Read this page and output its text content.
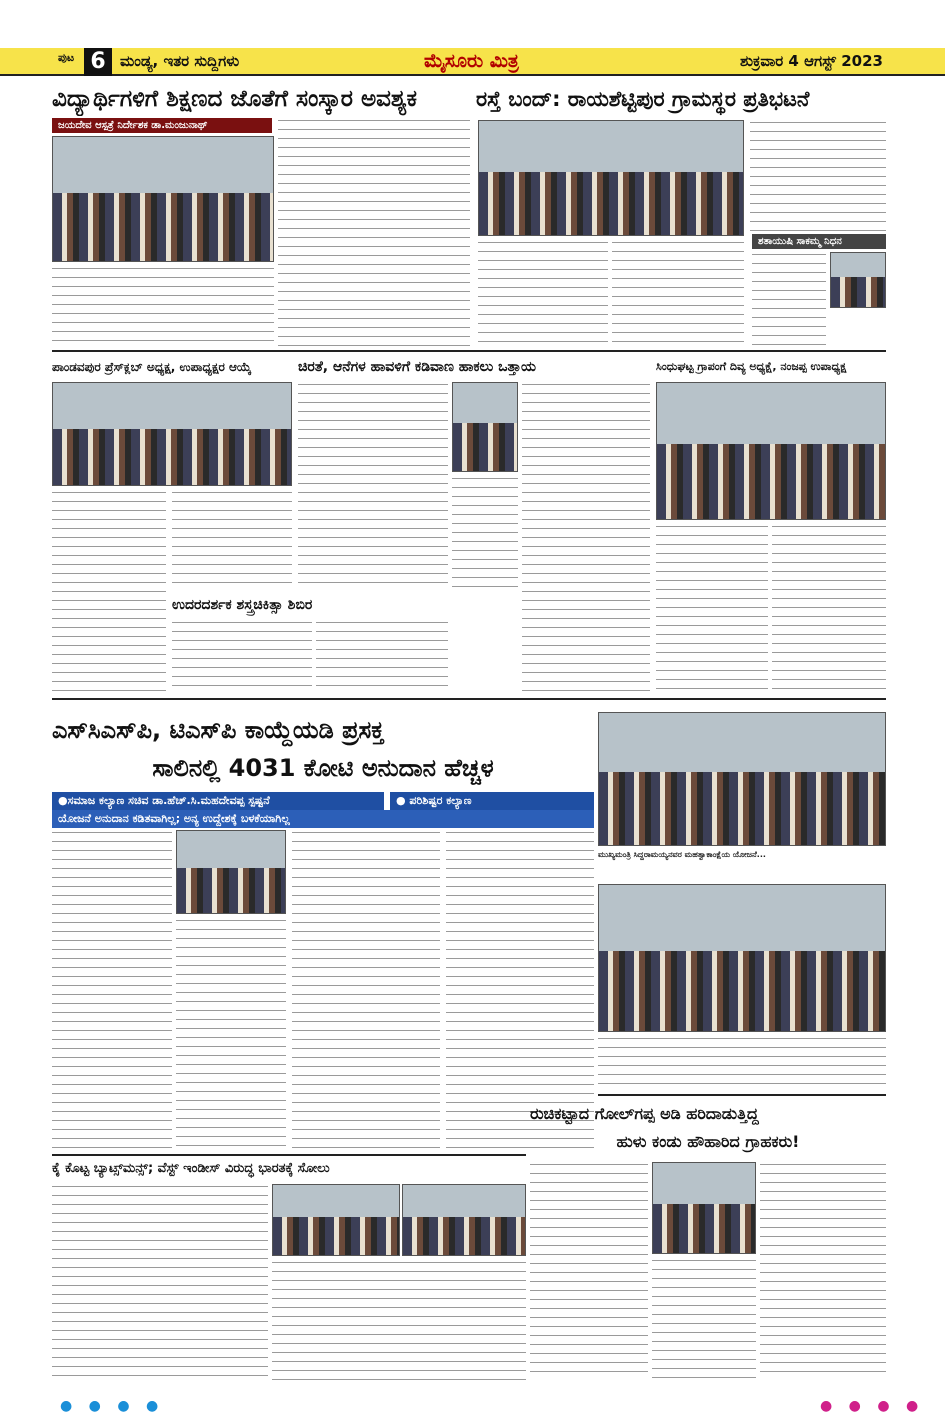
ಪುಟ 6 ಮಂಡ್ಯ, ಇತರ ಸುದ್ದಿಗಳು	ಮೈಸೂರು ಮಿತ್ರ	ಶುಕ್ರವಾರ 4 ಆಗಸ್ಟ್ 2023
ವಿದ್ಯಾರ್ಥಿಗಳಿಗೆ ಶಿಕ್ಷಣದ ಜೊತೆಗೆ ಸಂಸ್ಕಾರ ಅವಶ್ಯಕ
ಜಯದೇವ ಆಸ್ಪತ್ರೆ ನಿರ್ದೇಶಕ ಡಾ.ಮಂಜುನಾಥ್
ರಸ್ತೆ ಬಂದ್: ರಾಯಶೆಟ್ಟಿಪುರ ಗ್ರಾಮಸ್ಥರ ಪ್ರತಿಭಟನೆ
ಶತಾಯುಷಿ ಸಾಕಮ್ಮ ನಿಧನ
ಪಾಂಡವಪುರ ಪ್ರೆಸ್‌ಕ್ಲಬ್ ಅಧ್ಯಕ್ಷ, ಉಪಾಧ್ಯಕ್ಷರ ಆಯ್ಕೆ	ಚಿರತೆ, ಆನೆಗಳ ಹಾವಳಿಗೆ ಕಡಿವಾಣ ಹಾಕಲು ಒತ್ತಾಯ
ಉದರದರ್ಶಕ ಶಸ್ತ್ರಚಿಕಿತ್ಸಾ ಶಿಬಿರ
ಸಿಂಧುಘಟ್ಟ ಗ್ರಾಪಂಗೆ ದಿವ್ಯ ಅಧ್ಯಕ್ಷೆ, ನಂಜಪ್ಪ ಉಪಾಧ್ಯಕ್ಷ
ಎಸ್‌ಸಿಎಸ್‌ಪಿ, ಟಿಎಸ್‌ಪಿ ಕಾಯ್ದೆಯಡಿ ಪ್ರಸಕ್ತ
ಸಾಲಿನಲ್ಲಿ 4031 ಕೋಟಿ ಅನುದಾನ ಹೆಚ್ಚಳ
●ಸಮಾಜ ಕಲ್ಯಾಣ ಸಚಿವ ಡಾ.ಹೆಚ್.ಸಿ.ಮಹದೇವಪ್ಪ ಸ್ಪಷ್ಟನೆ	● ಪರಿಶಿಷ್ಟರ ಕಲ್ಯಾಣ
ಯೋಜನೆ ಅನುದಾನ ಕಡಿತವಾಗಿಲ್ಲ; ಅನ್ಯ ಉದ್ದೇಶಕ್ಕೆ ಬಳಕೆಯಾಗಿಲ್ಲ
ಮುಖ್ಯಮಂತ್ರಿ ಸಿದ್ದರಾಮಯ್ಯನವರ ಮಹತ್ವಾಕಾಂಕ್ಷೆಯ ಯೋಜನೆ...
ರುಚಿಕಟ್ಟಾದ ಗೋಲ್‌ಗಪ್ಪ ಅಡಿ ಹರಿದಾಡುತ್ತಿದ್ದ
ಹುಳು ಕಂಡು ಹೌಹಾರಿದ ಗ್ರಾಹಕರು!
ಕೈ ಕೊಟ್ಟ ಬ್ಯಾಟ್ಸ್‌ಮನ್ಸ್; ವೆಸ್ಟ್ ಇಂಡೀಸ್ ವಿರುದ್ಧ ಭಾರತಕ್ಕೆ ಸೋಲು
● ● ● ●	● ● ● ●
